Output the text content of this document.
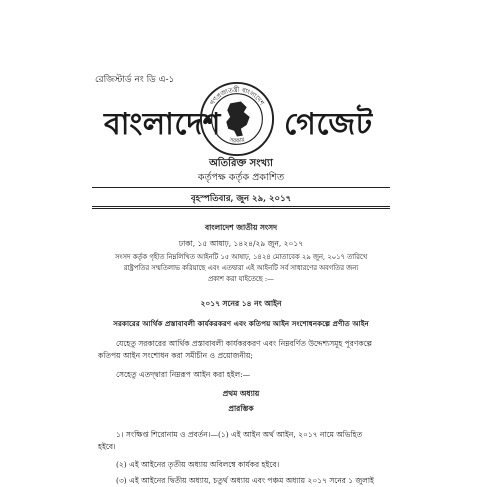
রেজিস্টার্ড নং ডি এ-১
বাংলাদেশ
গণপ্রজাতন্ত্রী বাংলাদেশ
সরকার গেজেট
অতিরিক্ত সংখ্যা
কর্তৃপক্ষ কর্তৃক প্রকাশিত
বৃহস্পতিবার, জুন ২৯, ২০১৭
বাংলাদেশ জাতীয় সংসদ
ঢাকা, ১৫ আষাঢ়, ১৪২৪/২৯ জুন, ২০১৭
সংসদ কর্তৃক গৃহীত নিম্নলিখিত আইনটি ১৫ আষাঢ়, ১৪২৪ মোতাবেক ২৯ জুন, ২০১৭ তারিখে
রাষ্ট্রপতির সম্মতিলাভ করিয়াছে এবং এতদ্বারা এই আইনটি সর্ব সাধারণের অবগতির জন্য
প্রকাশ করা যাইতেছে :—
২০১৭ সনের ১৪ নং আইন
সরকারের আর্থিক প্রস্তাবাবলী কার্যকরকরণ এবং কতিপয় আইন সংশোধনকল্পে প্রণীত আইন
যেহেতু সরকারের আর্থিক প্রস্তাবাবলী কার্যকরকরণ এবং নিম্নবর্ণিত উদ্দেশ্যসমূহ পূরণকল্পে
কতিপয় আইন সংশোধন করা সমীচীন ও প্রয়োজনীয়;
সেহেতু এতদ্দ্বারা নিম্নরূপ আইন করা হইল:—
প্রথম অধ্যায়
প্রারম্ভিক
১। সংক্ষিপ্ত শিরোনাম ও প্রবর্তন।—(১) এই আইন অর্থ আইন, ২০১৭ নামে অভিহিত
হইবে।
(২) এই আইনের তৃতীয় অধ্যায় অবিলম্বে কার্যকর হইবে।
(৩) এই আইনের দ্বিতীয় অধ্যায়, চতুর্থ অধ্যায় এবং পঞ্চম অধ্যায় ২০১৭ সনের ১ জুলাই
